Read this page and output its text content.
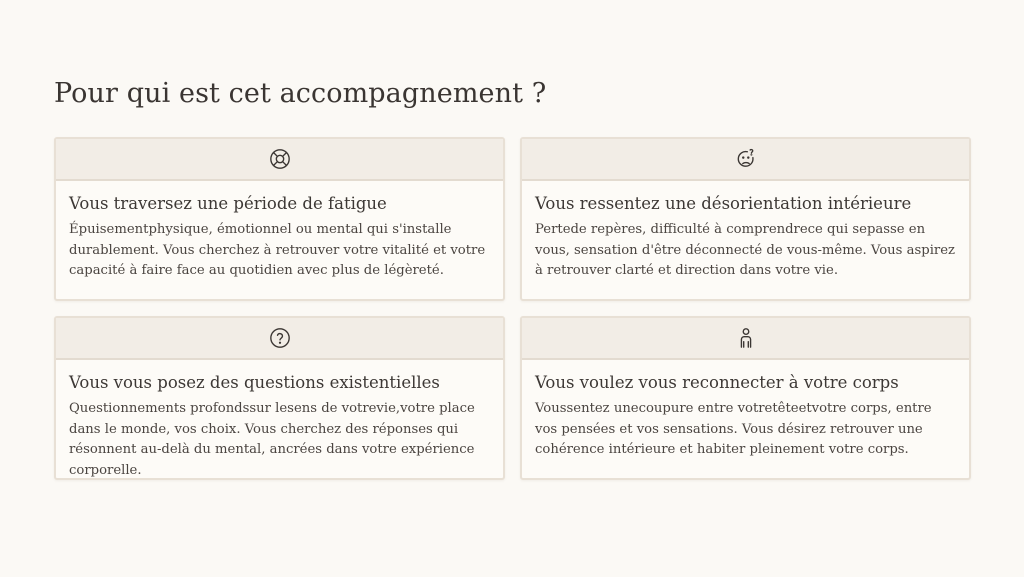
Pour qui est cet accompagnement ?
Vous traversez une période de fatigue

Épuisementphysique, émotionnel ou mental qui s'installe durablement. Vous cherchez à retrouver votre vitalité et votre capacité à faire face au quotidien avec plus de légèreté.

Vous ressentez une désorientation intérieure

Pertede repères, difficulté à comprendrece qui sepasse en vous, sensation d'être déconnecté de vous-même. Vous aspirez à retrouver clarté et direction dans votre vie.

Vous vous posez des questions existentielles

Questionnements profondssur lesens de votrevie,votre place dans le monde, vos choix. Vous cherchez des réponses qui résonnent au-delà du mental, ancrées dans votre expérience corporelle.

Vous voulez vous reconnecter à votre corps

Voussentez unecoupure entre votretêteetvotre corps, entre vos pensées et vos sensations. Vous désirez retrouver une cohérence intérieure et habiter pleinement votre corps.
